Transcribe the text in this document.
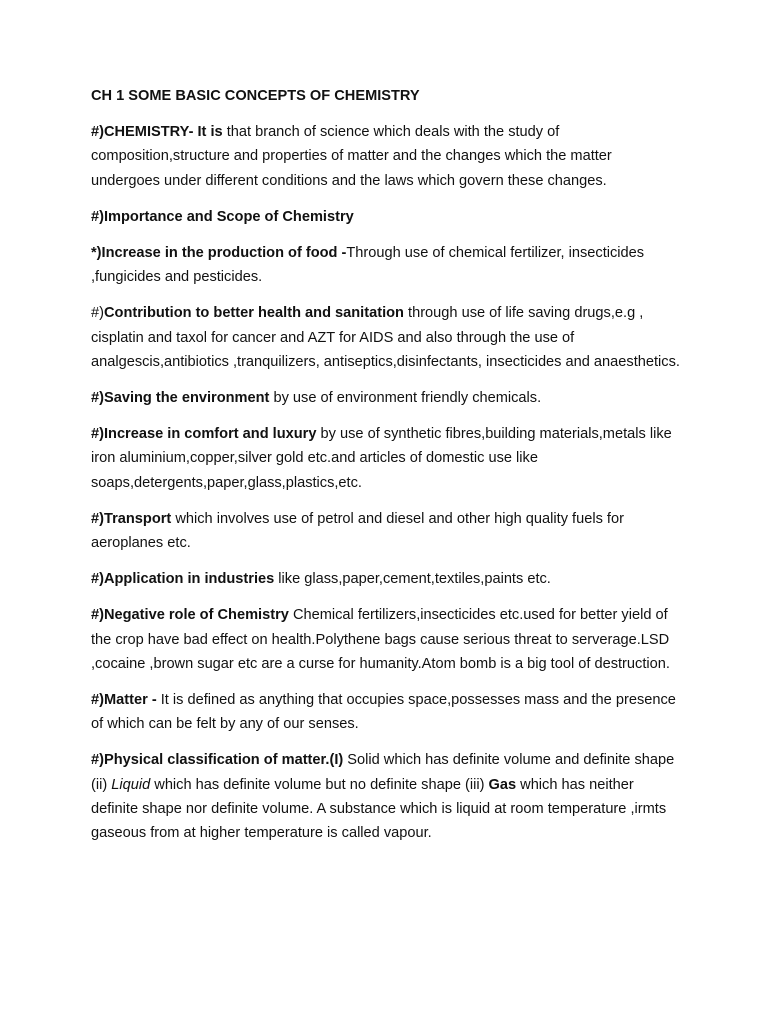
CH 1 SOME BASIC CONCEPTS OF CHEMISTRY

#)CHEMISTRY- It is that branch of science which deals with the study of composition,structure and properties of matter and the changes which the matter undergoes under different conditions and the laws which govern these changes.

#)Importance and Scope of Chemistry

*)Increase in the production of food -Through use of chemical fertilizer, insecticides ,fungicides and pesticides.

#)Contribution to better health and sanitation through use of life saving drugs,e.g , cisplatin and taxol for cancer and AZT for AIDS and also through the use of analgescis,antibiotics ,tranquilizers, antiseptics,disinfectants, insecticides and anaesthetics.

#)Saving the environment by use of environment friendly chemicals.

#)Increase in comfort and luxury by use of synthetic fibres,building materials,metals like iron aluminium,copper,silver gold etc.and articles of domestic use like soaps,detergents,paper,glass,plastics,etc.

#)Transport which involves use of petrol and diesel and other high quality fuels for aeroplanes etc.

#)Application in industries like glass,paper,cement,textiles,paints etc.

#)Negative role of Chemistry Chemical fertilizers,insecticides etc.used for better yield of the crop have bad effect on health.Polythene bags cause serious threat to serverage.LSD ,cocaine ,brown sugar etc are a curse for humanity.Atom bomb is a big tool of destruction.

#)Matter - It is defined as anything that occupies space,possesses mass and the presence of which can be felt by any of our senses.

#)Physical classification of matter.(I) Solid which has definite volume and definite shape (ii) Liquid which has definite volume but no definite shape (iii) Gas which has neither definite shape nor definite volume. A substance which is liquid at room temperature ,irmts gaseous from at higher temperature is called vapour.
